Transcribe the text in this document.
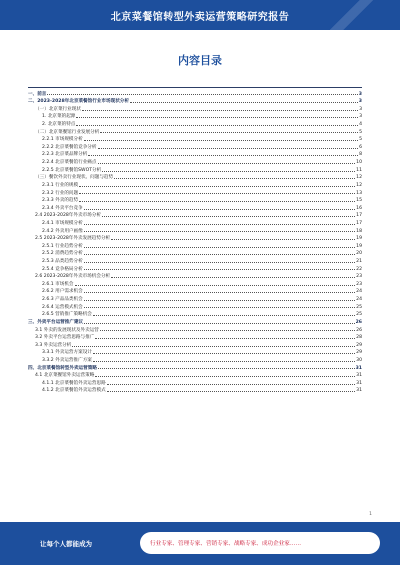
北京菜餐馆转型外卖运营策略研究报告
内容目录
一、前言	3
二、2023-2028年北京菜餐馆行业市场现状分析	3
（一）北京菜行业现状	3
1. 北京菜的起源	3
2. 北京菜的特点	4
（二）北京菜餐馆行业发展分析	5
2.2.1 市场规模分析	5
2.2.2 北京菜餐馆竞争分析	6
2.2.3 北京菜品牌分析	8
2.2.4 北京菜餐馆行业痛点	10
2.2.5 北京菜餐馆SWOT分析	11
（三）餐饮外卖行业现状、问题与趋势	12
2.3.1 行业的规模	12
2.3.2 行业的问题	13
2.3.3 外卖的趋势	15
2.3.4 外卖平台竞争	16
2.4 2023-2028年外卖市场分析	17
2.4.1 市场规模分析	17
2.4.2 外卖用户画像	18
2.5 2023-2028年外卖发展趋势分析	19
2.5.1 行业趋势分析	19
2.5.2 消费趋势分析	20
2.5.3 品类趋势分析	21
2.5.4 竞争格局分析	22
2.6 2023-2028年外卖市场机会分析	23
2.6.1 市场机会	23
2.6.2 用户需求机会	24
2.6.3 产品品类机会	24
2.6.4 运营模式机会	25
2.6.5 营销推广策略机会	25
三、外卖平台运营推广建议	26
3.1 外卖的发展现状及外卖运营	26
3.2 外卖平台运营思路与推广	28
3.3 外卖运营分析	29
3.3.1 外卖运营方案设计	29
3.3.2 外卖运营推广方案	30
四、北京菜餐馆转型外卖运营策略	31
4.1 北京菜餐馆外卖运营策略	31
4.1.1 北京菜餐馆外卖运营思路	31
4.1.2 北京菜餐馆外卖运营模式	31
1
让每个人都能成为	行业专家、管理专家、营销专家、战略专家、成功企业家……
